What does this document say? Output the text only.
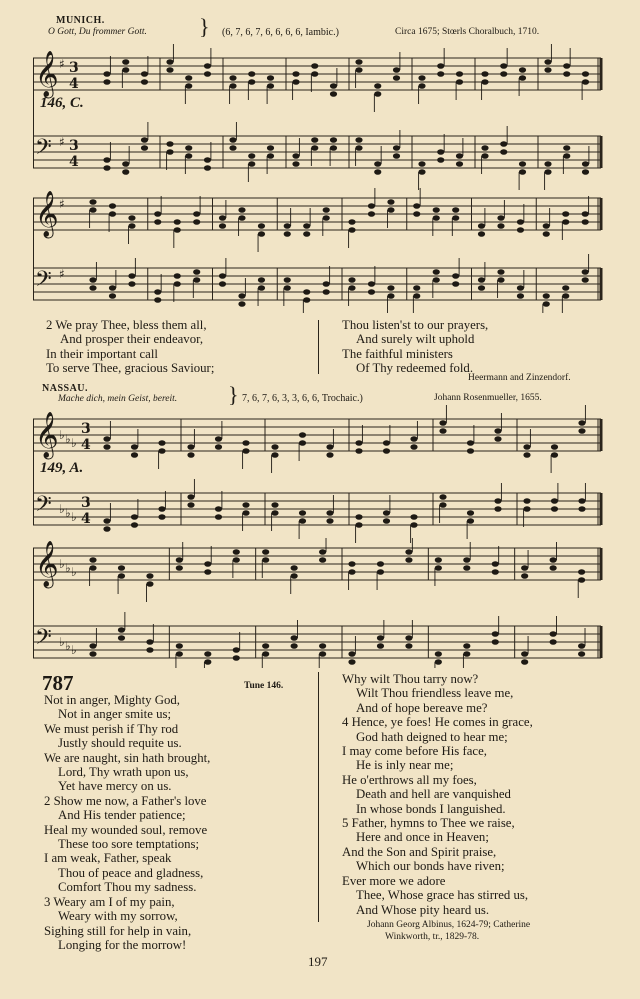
MUNICH.
O Gott, Du frommer Gott. } (6, 7, 6, 7, 6, 6, 6, 6, Iambic.)	Circa 1675; Stœrls Choralbuch, 1710.
146, C.
𝄞 ♯ 3
4
𝄢 ♯ 3
4
𝄞 ♯
𝄢 ♯
2 We pray Thee, bless them all,
And prosper their endeavor,
In their important call
To serve Thee, gracious Saviour;
Thou listen'st to our prayers,
And surely wilt uphold
The faithful ministers
Of Thy redeemed fold.
Heermann and Zinzendorf.
NASSAU.
Mache dich, mein Geist, bereit. } 7, 6, 7, 6, 3, 3, 6, 6, Trochaic.)	Johann Rosenmueller, 1655.
149, A.
𝄞 ♭ ♭ ♭
3
4
𝄢 ♭ ♭ ♭
3
4
𝄞 ♭ ♭ ♭
𝄢 ♭ ♭ ♭
787	Tune 146.
Not in anger, Mighty God,
Not in anger smite us;
We must perish if Thy rod
Justly should requite us.
We are naught, sin hath brought,
Lord, Thy wrath upon us,
Yet have mercy on us.
2 Show me now, a Father's love
And His tender patience;
Heal my wounded soul, remove
These too sore temptations;
I am weak, Father, speak
Thou of peace and gladness,
Comfort Thou my sadness.
3 Weary am I of my pain,
Weary with my sorrow,
Sighing still for help in vain,
Longing for the morrow!
Why wilt Thou tarry now?
Wilt Thou friendless leave me,
And of hope bereave me?
4 Hence, ye foes! He comes in grace,
God hath deigned to hear me;
I may come before His face,
He is inly near me;
He o'erthrows all my foes,
Death and hell are vanquished
In whose bonds I languished.
5 Father, hymns to Thee we raise,
Here and once in Heaven;
And the Son and Spirit praise,
Which our bonds have riven;
Ever more we adore
Thee, Whose grace has stirred us,
And Whose pity heard us.
Johann Georg Albinus, 1624-79; Catherine
Winkworth, tr., 1829-78.
197
